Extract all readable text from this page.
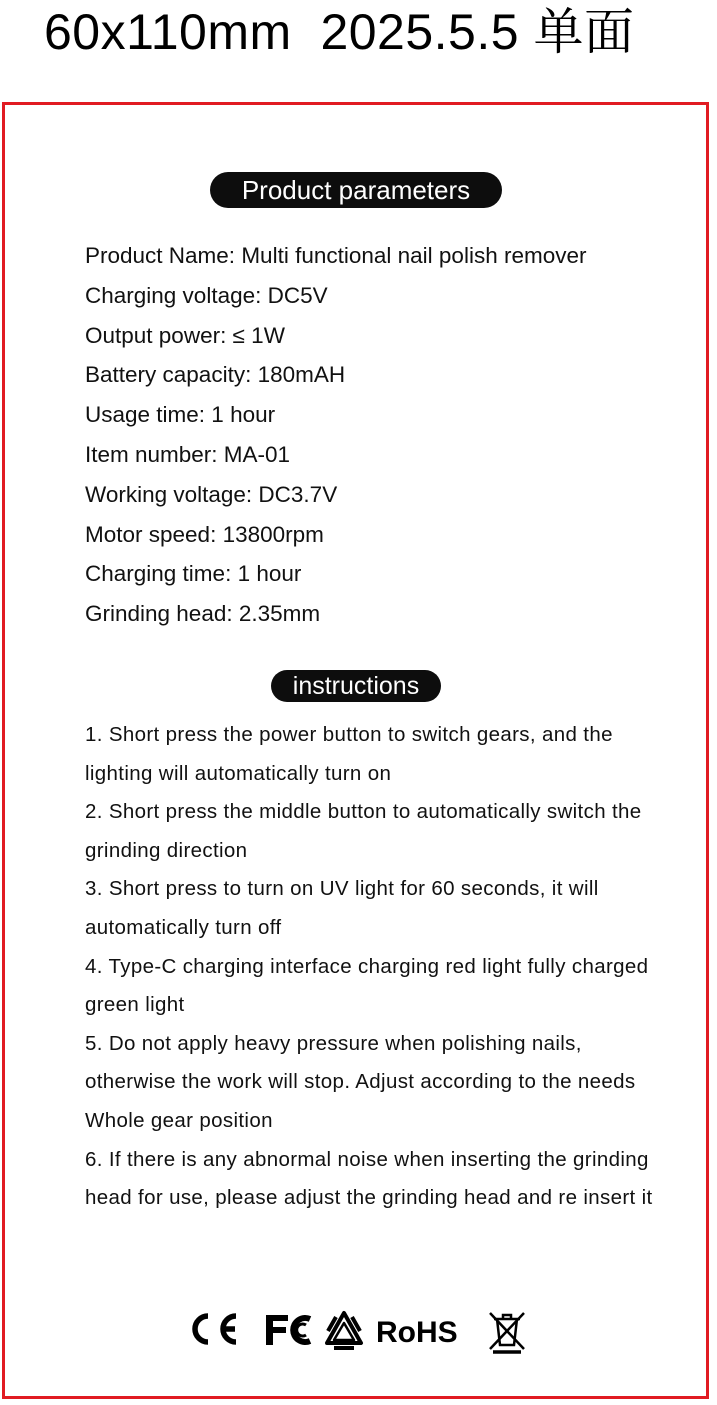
60x110mm 2025.5.5 单面
Product parameters
Product Name: Multi functional nail polish remover
Charging voltage: DC5V
Output power: ≤ 1W
Battery capacity: 180mAH
Usage time: 1 hour
Item number: MA-01
Working voltage: DC3.7V
Motor speed: 13800rpm
Charging time: 1 hour
Grinding head: 2.35mm
instructions
1. Short press the power button to switch gears, and the lighting will automatically turn on
2. Short press the middle button to automatically switch the grinding direction
3. Short press to turn on UV light for 60 seconds, it will automatically turn off
4. Type-C charging interface charging red light fully charged green light
5. Do not apply heavy pressure when polishing nails, otherwise the work will stop. Adjust according to the needs Whole gear position
6. If there is any abnormal noise when inserting the grinding head for use, please adjust the grinding head and re insert it
RoHS
